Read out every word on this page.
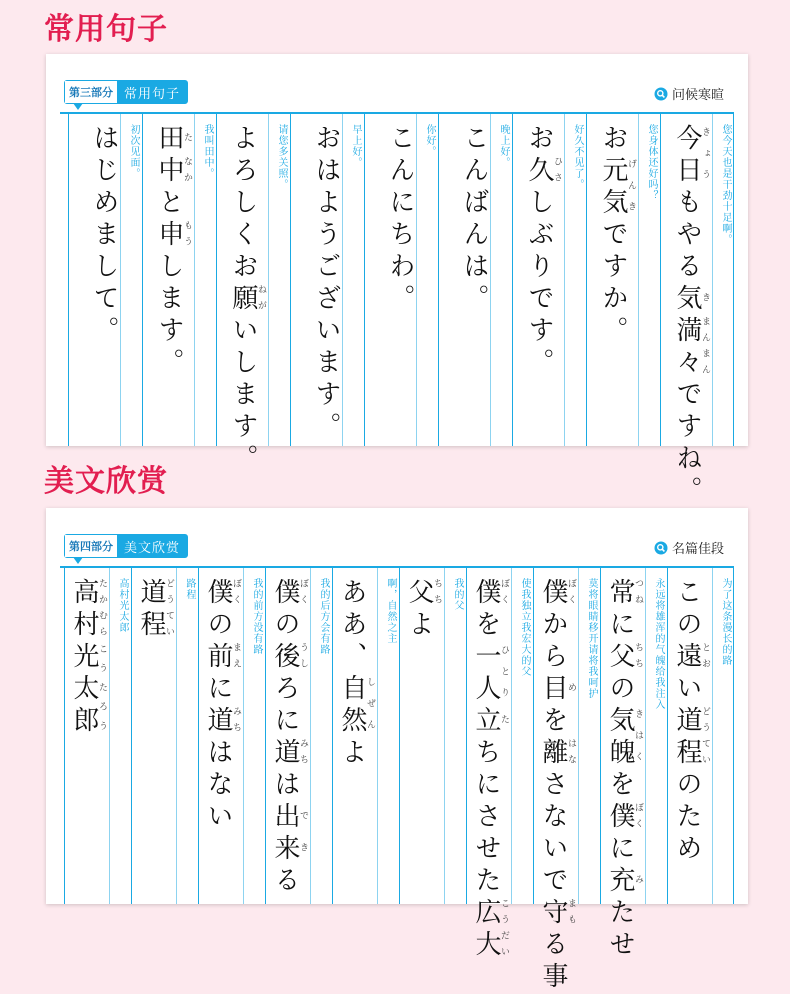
常用句子
第三部分 常用句子	问候寒暄
您今天也是干劲十足啊。
今日きょうもやる気き満々まんまんですね。
您身体还好吗？
お元気げんきですか。
好久不见了。
お久ひさしぶりです。
晚上好。
こんばんは。
你好。
こんにちわ。
早上好。
おはようございます。
请您多关照。
よろしくお願ねがいします。
我叫田中。
田た中なかと申もうします。
初次见面。
はじめまして。
美文欣赏
第四部分 美文欣赏	名篇佳段
为了这条漫长的路
この遠とおい道程どうていのため
永远将雄浑的气魄给我注入
常つねに父ちちの気魄きはくを僕ぼくに充みたせ
莫将眼睛移开请将我呵护
僕ぼくから目めを離はなさないで守まもる事
使我独立我宏大的父
僕ぼくを一人ひとり立たちにさせた広大こうだい
我的父
父ちちよ
啊，自然之主
ああ、自然しぜんよ
我的后方会有路
僕ぼくの後うしろに道みちは出来できる
我的前方没有路
僕ぼくの前まえに道みちはない
路程
道程どうてい
高村光太郎
高村たかむら光太郎こうたろう
